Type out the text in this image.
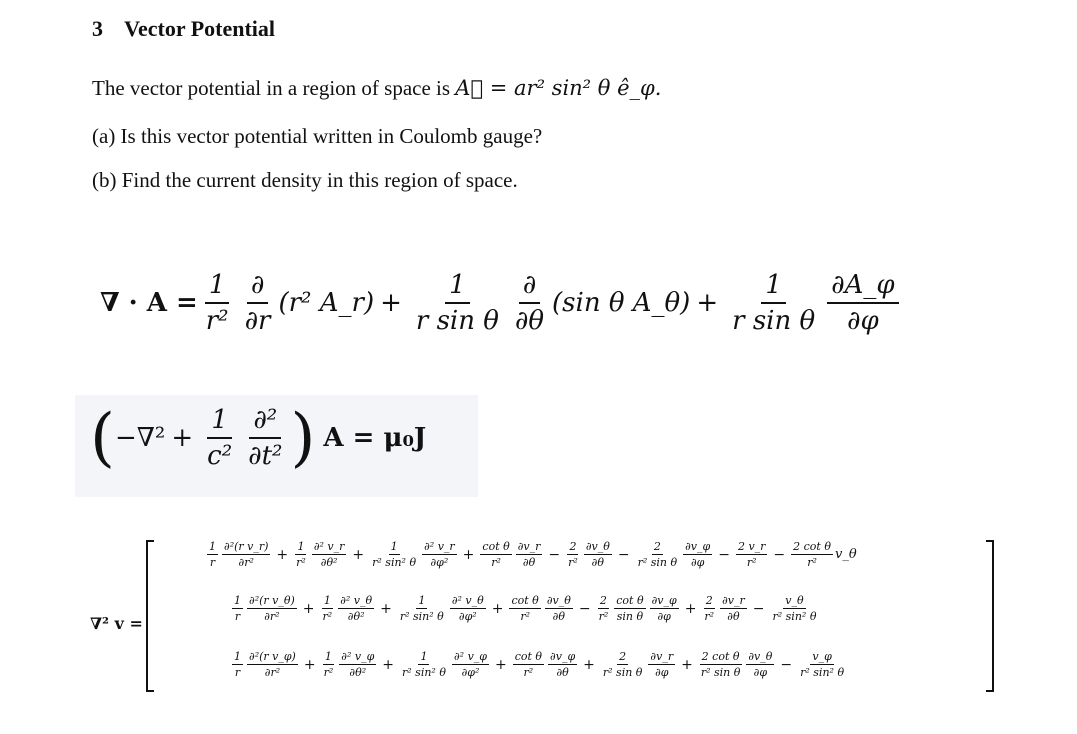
3 Vector Potential
The vector potential in a region of space is A⃗ = ar² sin² θ ê_φ.
(a) Is this vector potential written in Coulomb gauge?
(b) Find the current density in this region of space.
∇ · $A = \frac{1}{\text{r²}} \frac{\partial}{\partial r} (r^2$ A_r) + $\frac{1}{\text{r sin θ}} \frac{\partial}{\partial\theta} (\sin$ θ A_θ) + $\frac{1}{\text{r sin θ}} \frac{\partial A\_\varphi}{\partial\varphi}$
( $-\nabla^2 + \frac{1}{\text{c²}} \frac{\text{∂²}}{\text{∂t²}}$ ) A = μ₀J
∇² v =
$\frac{1}{r} \frac{\text{∂²(r v\_r)}}{\text{∂r²}} + \frac{1}{\text{r²}} \frac{\text{∂² v\_r}}{\text{∂θ²}} + \frac{1}{\text{r² sin² θ}} \frac{\text{∂² v\_r}}{\text{∂φ²}} + \frac{\text{cot θ}}{\text{r²}} \frac{\partial v\_r}{\partial\theta} - \frac{2}{\text{r²}} \frac{\partial v\_\theta}{\partial\theta} - \frac{2}{\text{r² sin θ}} \frac{\partial v\_\varphi}{\partial\varphi} - \frac{2 v\_r}{\text{r²}} - \frac{\text{2 cot θ}}{\text{r²}}$ v_θ
$\frac{1}{r} \frac{\text{∂²(r v\_θ)}}{\text{∂r²}} + \frac{1}{\text{r²}} \frac{\text{∂² v\_θ}}{\text{∂θ²}} + \frac{1}{\text{r² sin² θ}} \frac{\text{∂² v\_θ}}{\text{∂φ²}} + \frac{\text{cot θ}}{\text{r²}} \frac{\partial v\_\theta}{\partial\theta} - \frac{2}{\text{r²}} \frac{\text{cot θ}}{\text{sin θ}} \frac{\partial v\_\varphi}{\partial\varphi} + \frac{2}{\text{r²}} \frac{\partial v\_r}{\partial\theta} - \frac{v\_\theta}{\text{r² sin² θ}}$
$\frac{1}{r} \frac{\text{∂²(r v\_φ)}}{\text{∂r²}} + \frac{1}{\text{r²}} \frac{\text{∂² v\_φ}}{\text{∂θ²}} + \frac{1}{\text{r² sin² θ}} \frac{\text{∂² v\_φ}}{\text{∂φ²}} + \frac{\text{cot θ}}{\text{r²}} \frac{\partial v\_\varphi}{\partial\theta} + \frac{2}{\text{r² sin θ}} \frac{\partial v\_r}{\partial\varphi} + \frac{\text{2 cot θ}}{\text{r² sin θ}} \frac{\partial v\_\theta}{\partial\varphi} - \frac{v\_\varphi}{\text{r² sin² θ}}$
